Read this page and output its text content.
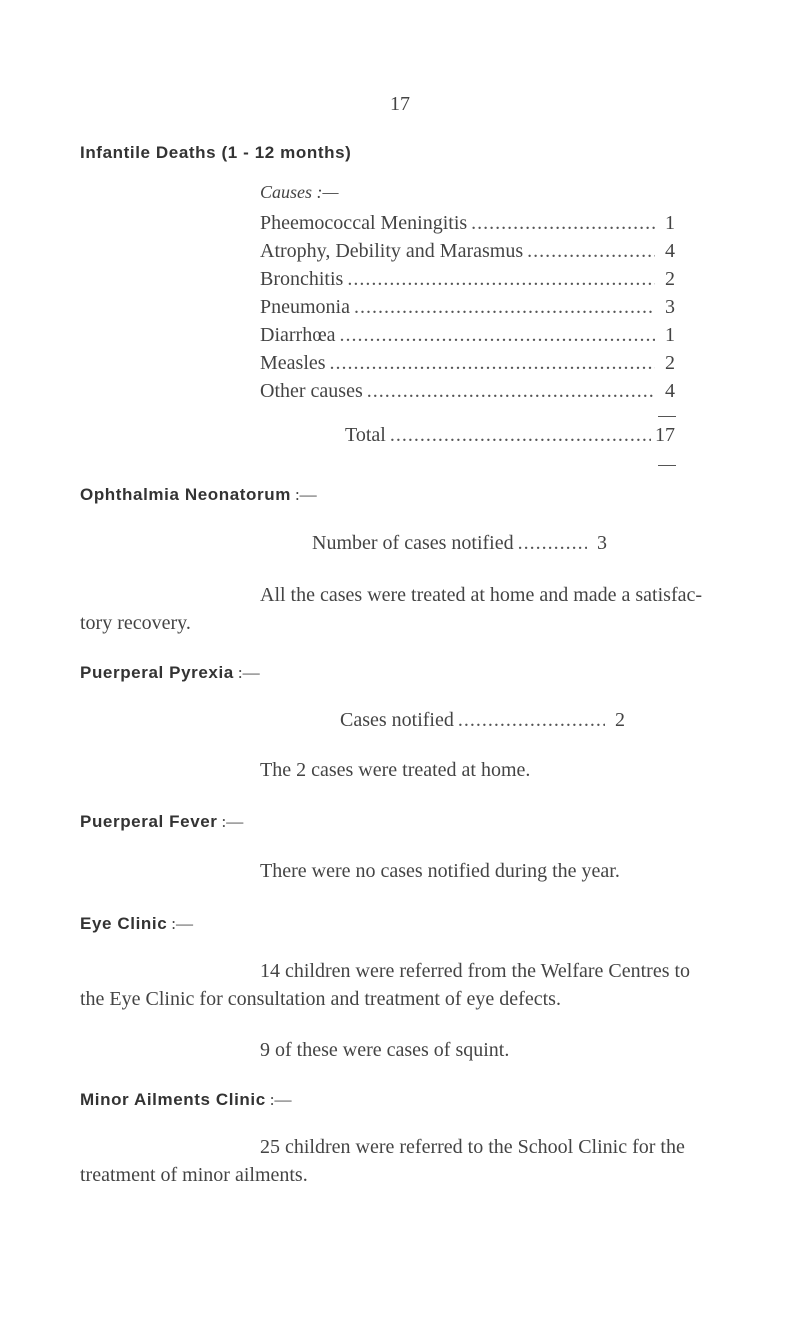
17
Infantile Deaths (1 - 12 months)
Causes :—
Pheemococcal Meningitis . . .	1
Atrophy, Debility and Marasmus . . .	4
Bronchitis . . .	2
Pneumonia . . .	3
Diarrhœa . . .	1
Measles . . .	2
Other causes . . .	4
Total . . .	17
Ophthalmia Neonatorum :—
Number of cases notified . . .	3
All the cases were treated at home and made a satisfac-
tory recovery.
Puerperal Pyrexia :—
Cases notified . . .	2
The 2 cases were treated at home.
Puerperal Fever :—
There were no cases notified during the year.
Eye Clinic :—
14 children were referred from the Welfare Centres to
the Eye Clinic for consultation and treatment of eye defects.
9 of these were cases of squint.
Minor Ailments Clinic :—
25 children were referred to the School Clinic for the
treatment of minor ailments.
